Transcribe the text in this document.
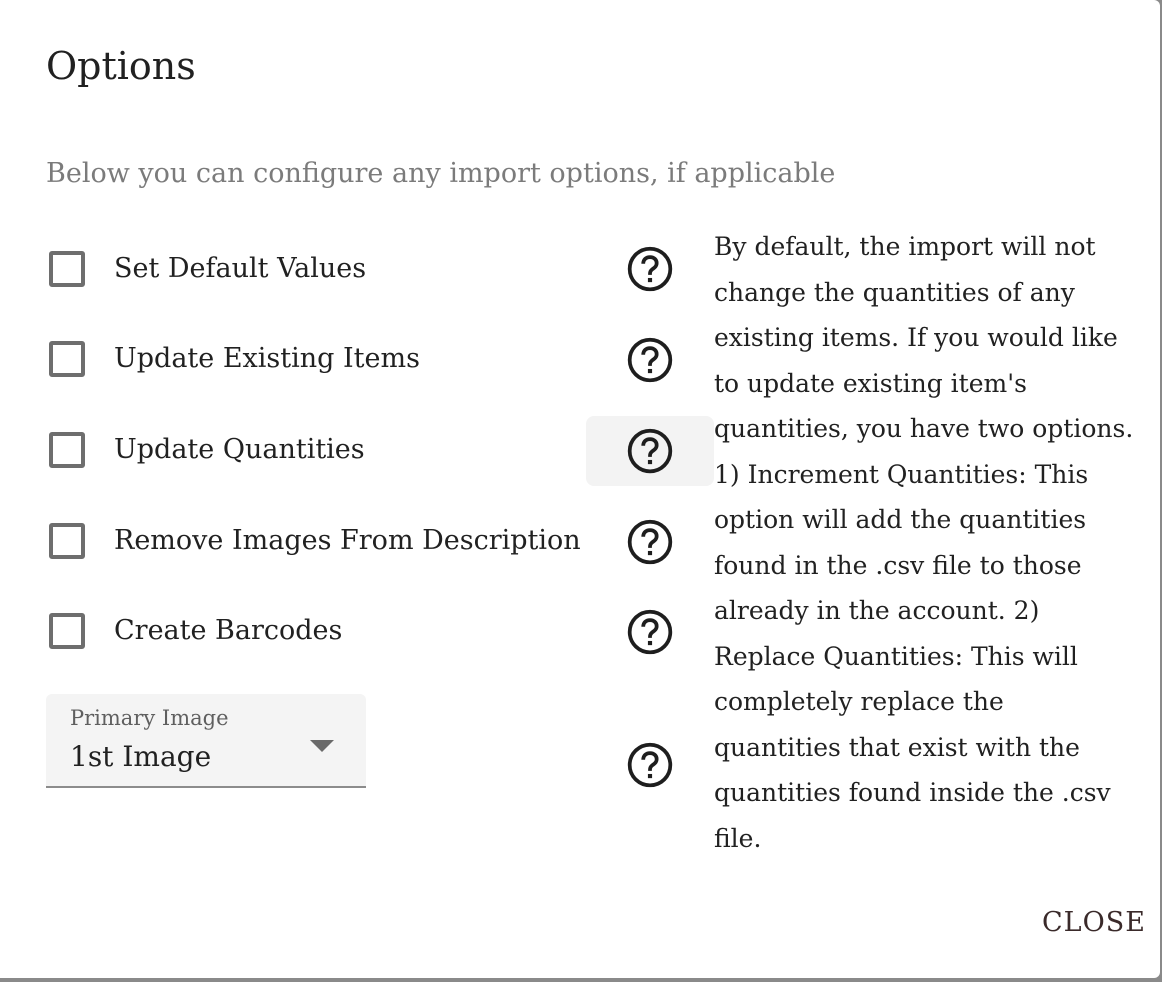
Options
Below you can configure any import options, if applicable
Set Default Values
Update Existing Items
Update Quantities
Remove Images From Description
Create Barcodes
Primary Image
1st Image
By default, the import will not change the quantities of any existing items. If you would like to update existing item's quantities, you have two options. 1) Increment Quantities: This option will add the quantities found in the .csv file to those already in the account. 2) Replace Quantities: This will completely replace the quantities that exist with the quantities found inside the .csv file.
CLOSE
